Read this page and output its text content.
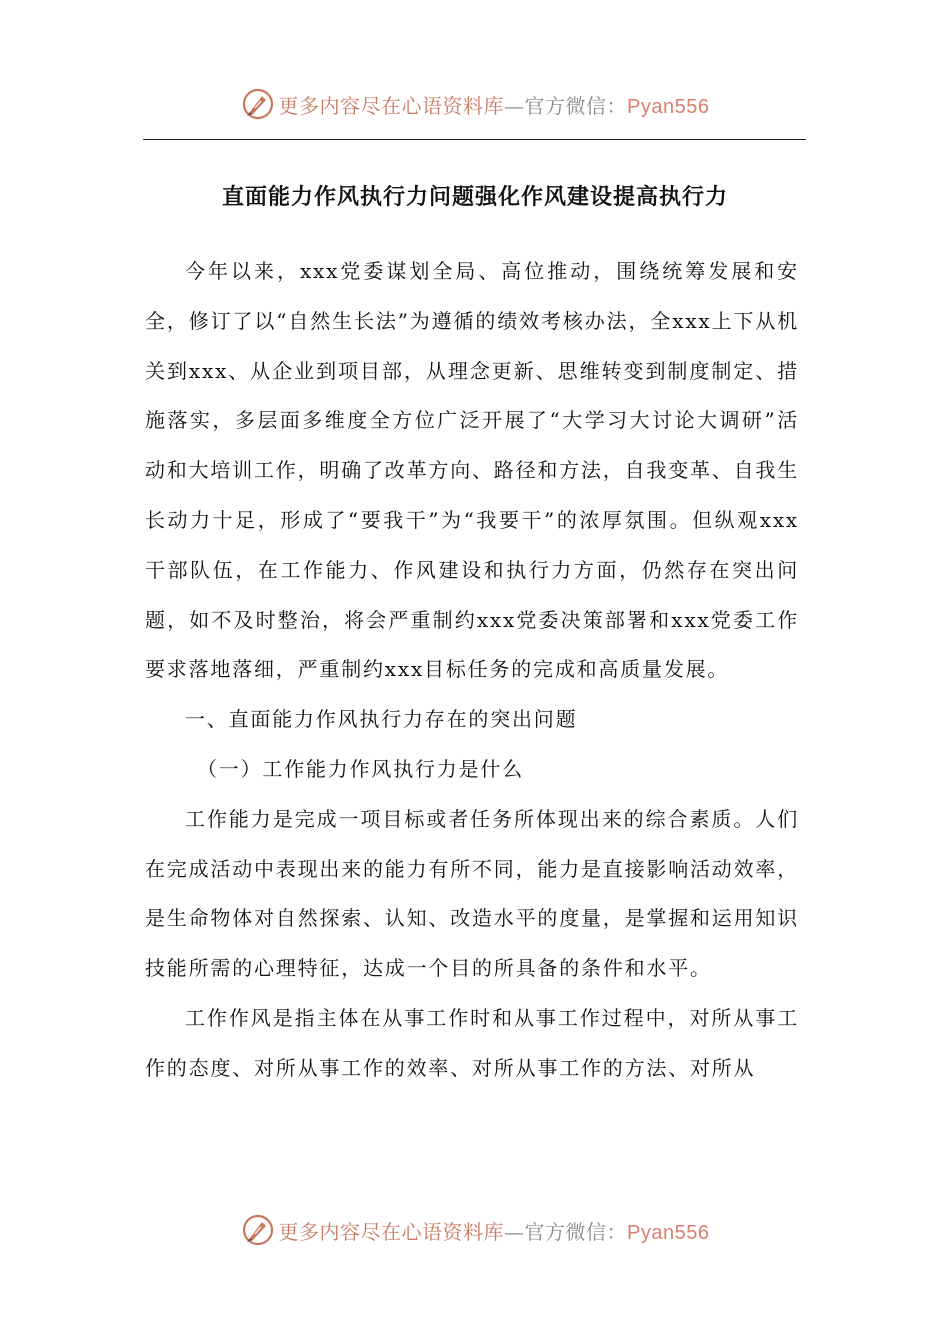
更多内容尽在心语资料库—官方微信：Pyan556
直面能力作风执行力问题强化作风建设提高执行力

今年以来，xxx党委谋划全局、高位推动，围绕统筹发展和安全，修订了以“自然生长法”为遵循的绩效考核办法，全xxx上下从机关到xxx、从企业到项目部，从理念更新、思维转变到制度制定、措施落实，多层面多维度全方位广泛开展了“大学习大讨论大调研”活动和大培训工作，明确了改革方向、路径和方法，自我变革、自我生长动力十足，形成了“要我干”为“我要干”的浓厚氛围。但纵观xxx干部队伍，在工作能力、作风建设和执行力方面，仍然存在突出问题，如不及时整治，将会严重制约xxx党委决策部署和xxx党委工作要求落地落细，严重制约xxx目标任务的完成和高质量发展。

一、直面能力作风执行力存在的突出问题

（一）工作能力作风执行力是什么

工作能力是完成一项目标或者任务所体现出来的综合素质。人们在完成活动中表现出来的能力有所不同，能力是直接影响活动效率，是生命物体对自然探索、认知、改造水平的度量，是掌握和运用知识技能所需的心理特征，达成一个目的所具备的条件和水平。

工作作风是指主体在从事工作时和从事工作过程中，对所从事工作的态度、对所从事工作的效率、对所从事工作的方法、对所从

更多内容尽在心语资料库—官方微信：Pyan556
